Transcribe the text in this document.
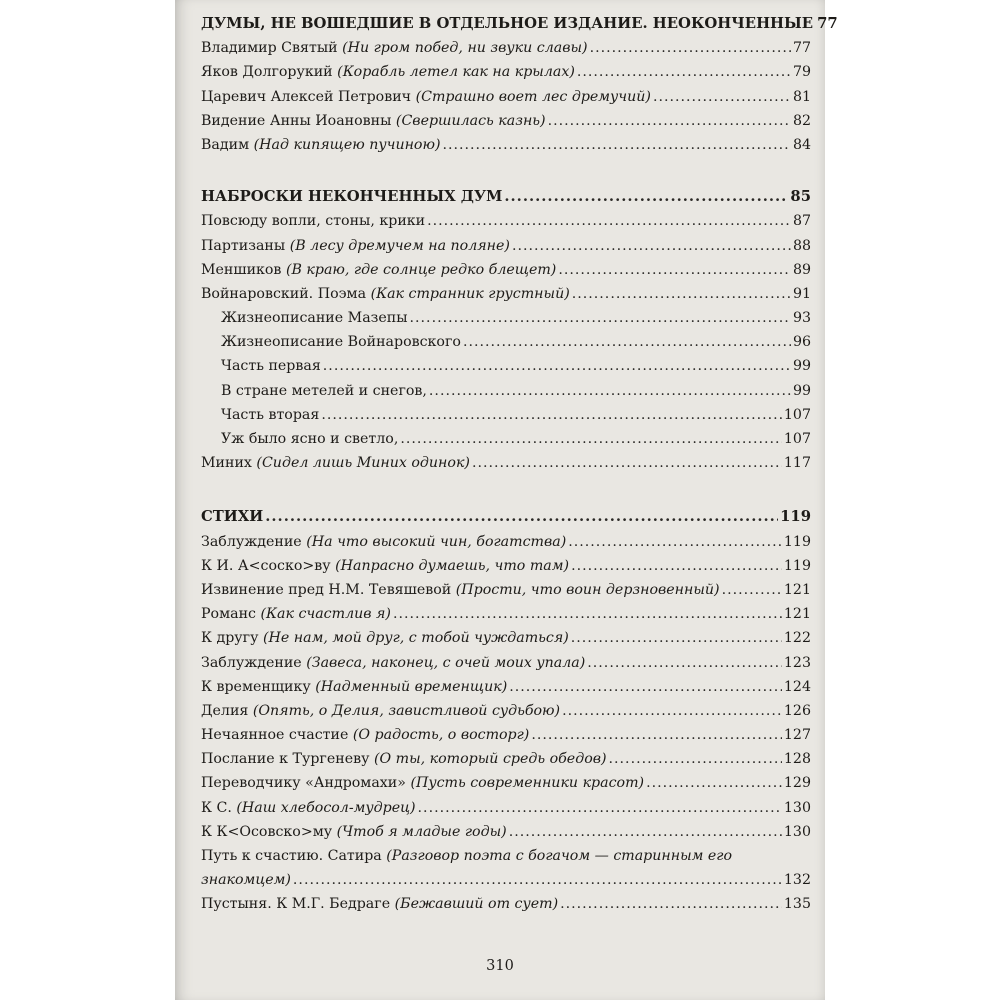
ДУМЫ, НЕ ВОШЕДШИЕ В ОТДЕЛЬНОЕ ИЗДАНИЕ. НЕОКОНЧЕННЫЕ 77
Владимир Святый (Ни гром побед, ни звуки славы) .....	77
Яков Долгорукий (Корабль летел как на крылах) .....	79
Царевич Алексей Петрович (Страшно воет лес дремучий) .....	81
Видение Анны Иоановны (Свершилась казнь) .....	82
Вадим (Над кипящею пучиною) .....	84
НАБРОСКИ НЕКОНЧЕННЫХ ДУМ .....	85
Повсюду вопли, стоны, крики .....	87
Партизаны (В лесу дремучем на поляне) .....	88
Меншиков (В краю, где солнце редко блещет) .....	89
Войнаровский. Поэма (Как странник грустный) .....	91
Жизнеописание Мазепы .....	93
Жизнеописание Войнаровского .....	96
Часть первая .....	99
В стране метелей и снегов, .....	99
Часть вторая .....	107
Уж было ясно и светло, .....	107
Миних (Сидел лишь Миних одинок) .....	117
СТИХИ .....	119
Заблуждение (На что высокий чин, богатства) .....	119
К И. А<соско>ву (Напрасно думаешь, что там) .....	119
Извинение пред Н.М. Тевяшевой (Прости, что воин дерзновенный) .....	121
Романс (Как счастлив я) .....	121
К другу (Не нам, мой друг, с тобой чуждаться) .....	122
Заблуждение (Завеса, наконец, с очей моих упала) .....	123
К временщику (Надменный временщик) .....	124
Делия (Опять, о Делия, завистливой судьбою) .....	126
Нечаянное счастие (О радость, о восторг) .....	127
Послание к Тургеневу (О ты, который средь обедов) .....	128
Переводчику «Андромахи» (Пусть современники красот) .....	129
К С. (Наш хлебосол-мудрец) .....	130
К К<Осовско>му (Чтоб я младые годы) .....	130
Путь к счастию. Сатира (Разговор поэта с богачом — старинным его
знакомцем) .....	132
Пустыня. К М.Г. Бедраге (Бежавший от сует) .....	135
310
